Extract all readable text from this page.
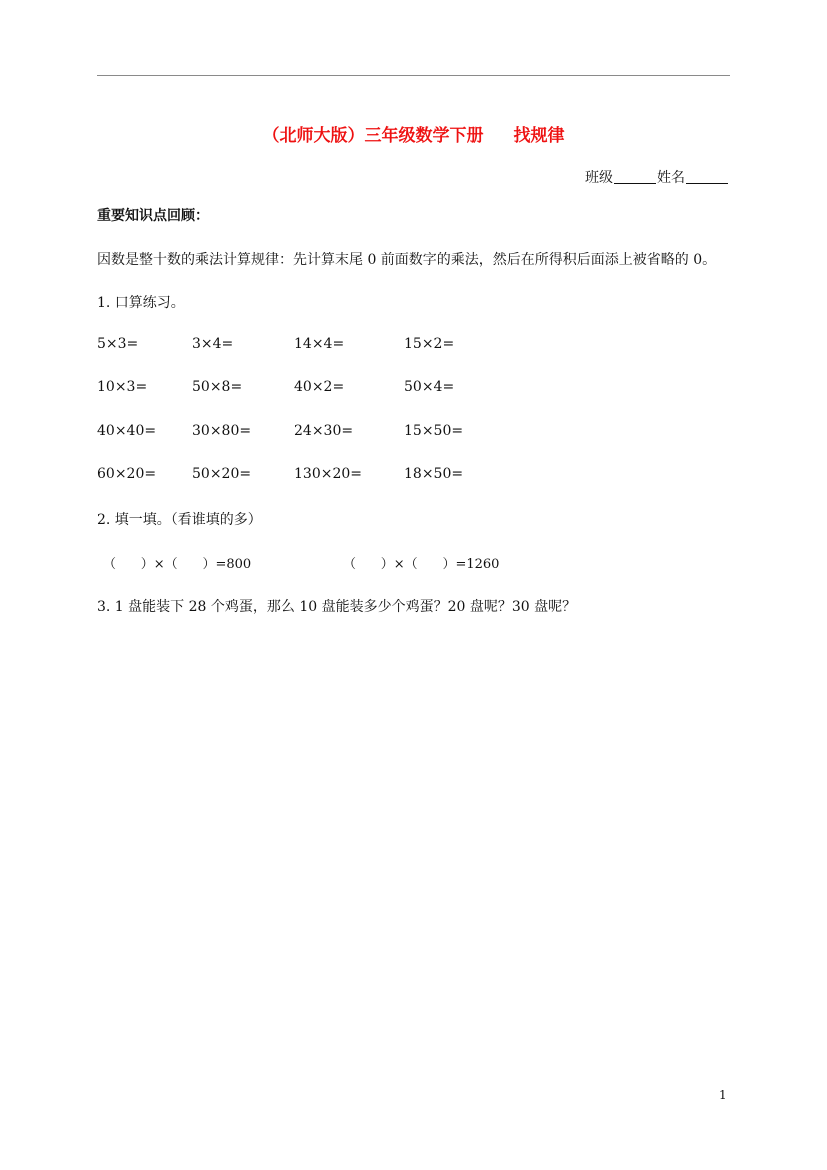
（北师大版）三年级数学下册 找规律
班级	姓名
重要知识点回顾：
因数是整十数的乘法计算规律：先计算末尾 0 前面数字的乘法，然后在所得积后面添上被省略的 0。
1. 口算练习。
5×3=	3×4=	14×4=	15×2=
10×3=	50×8=	40×2=	50×4=
40×40=	30×80=	24×30=	15×50=
60×20=	50×20=	130×20=	18×50=
2. 填一填。（看谁填的多）
（      ）×（      ）=800	（      ）×（      ）=1260
3. 1 盘能装下 28 个鸡蛋，那么 10 盘能装多少个鸡蛋？20 盘呢？30 盘呢？
1
